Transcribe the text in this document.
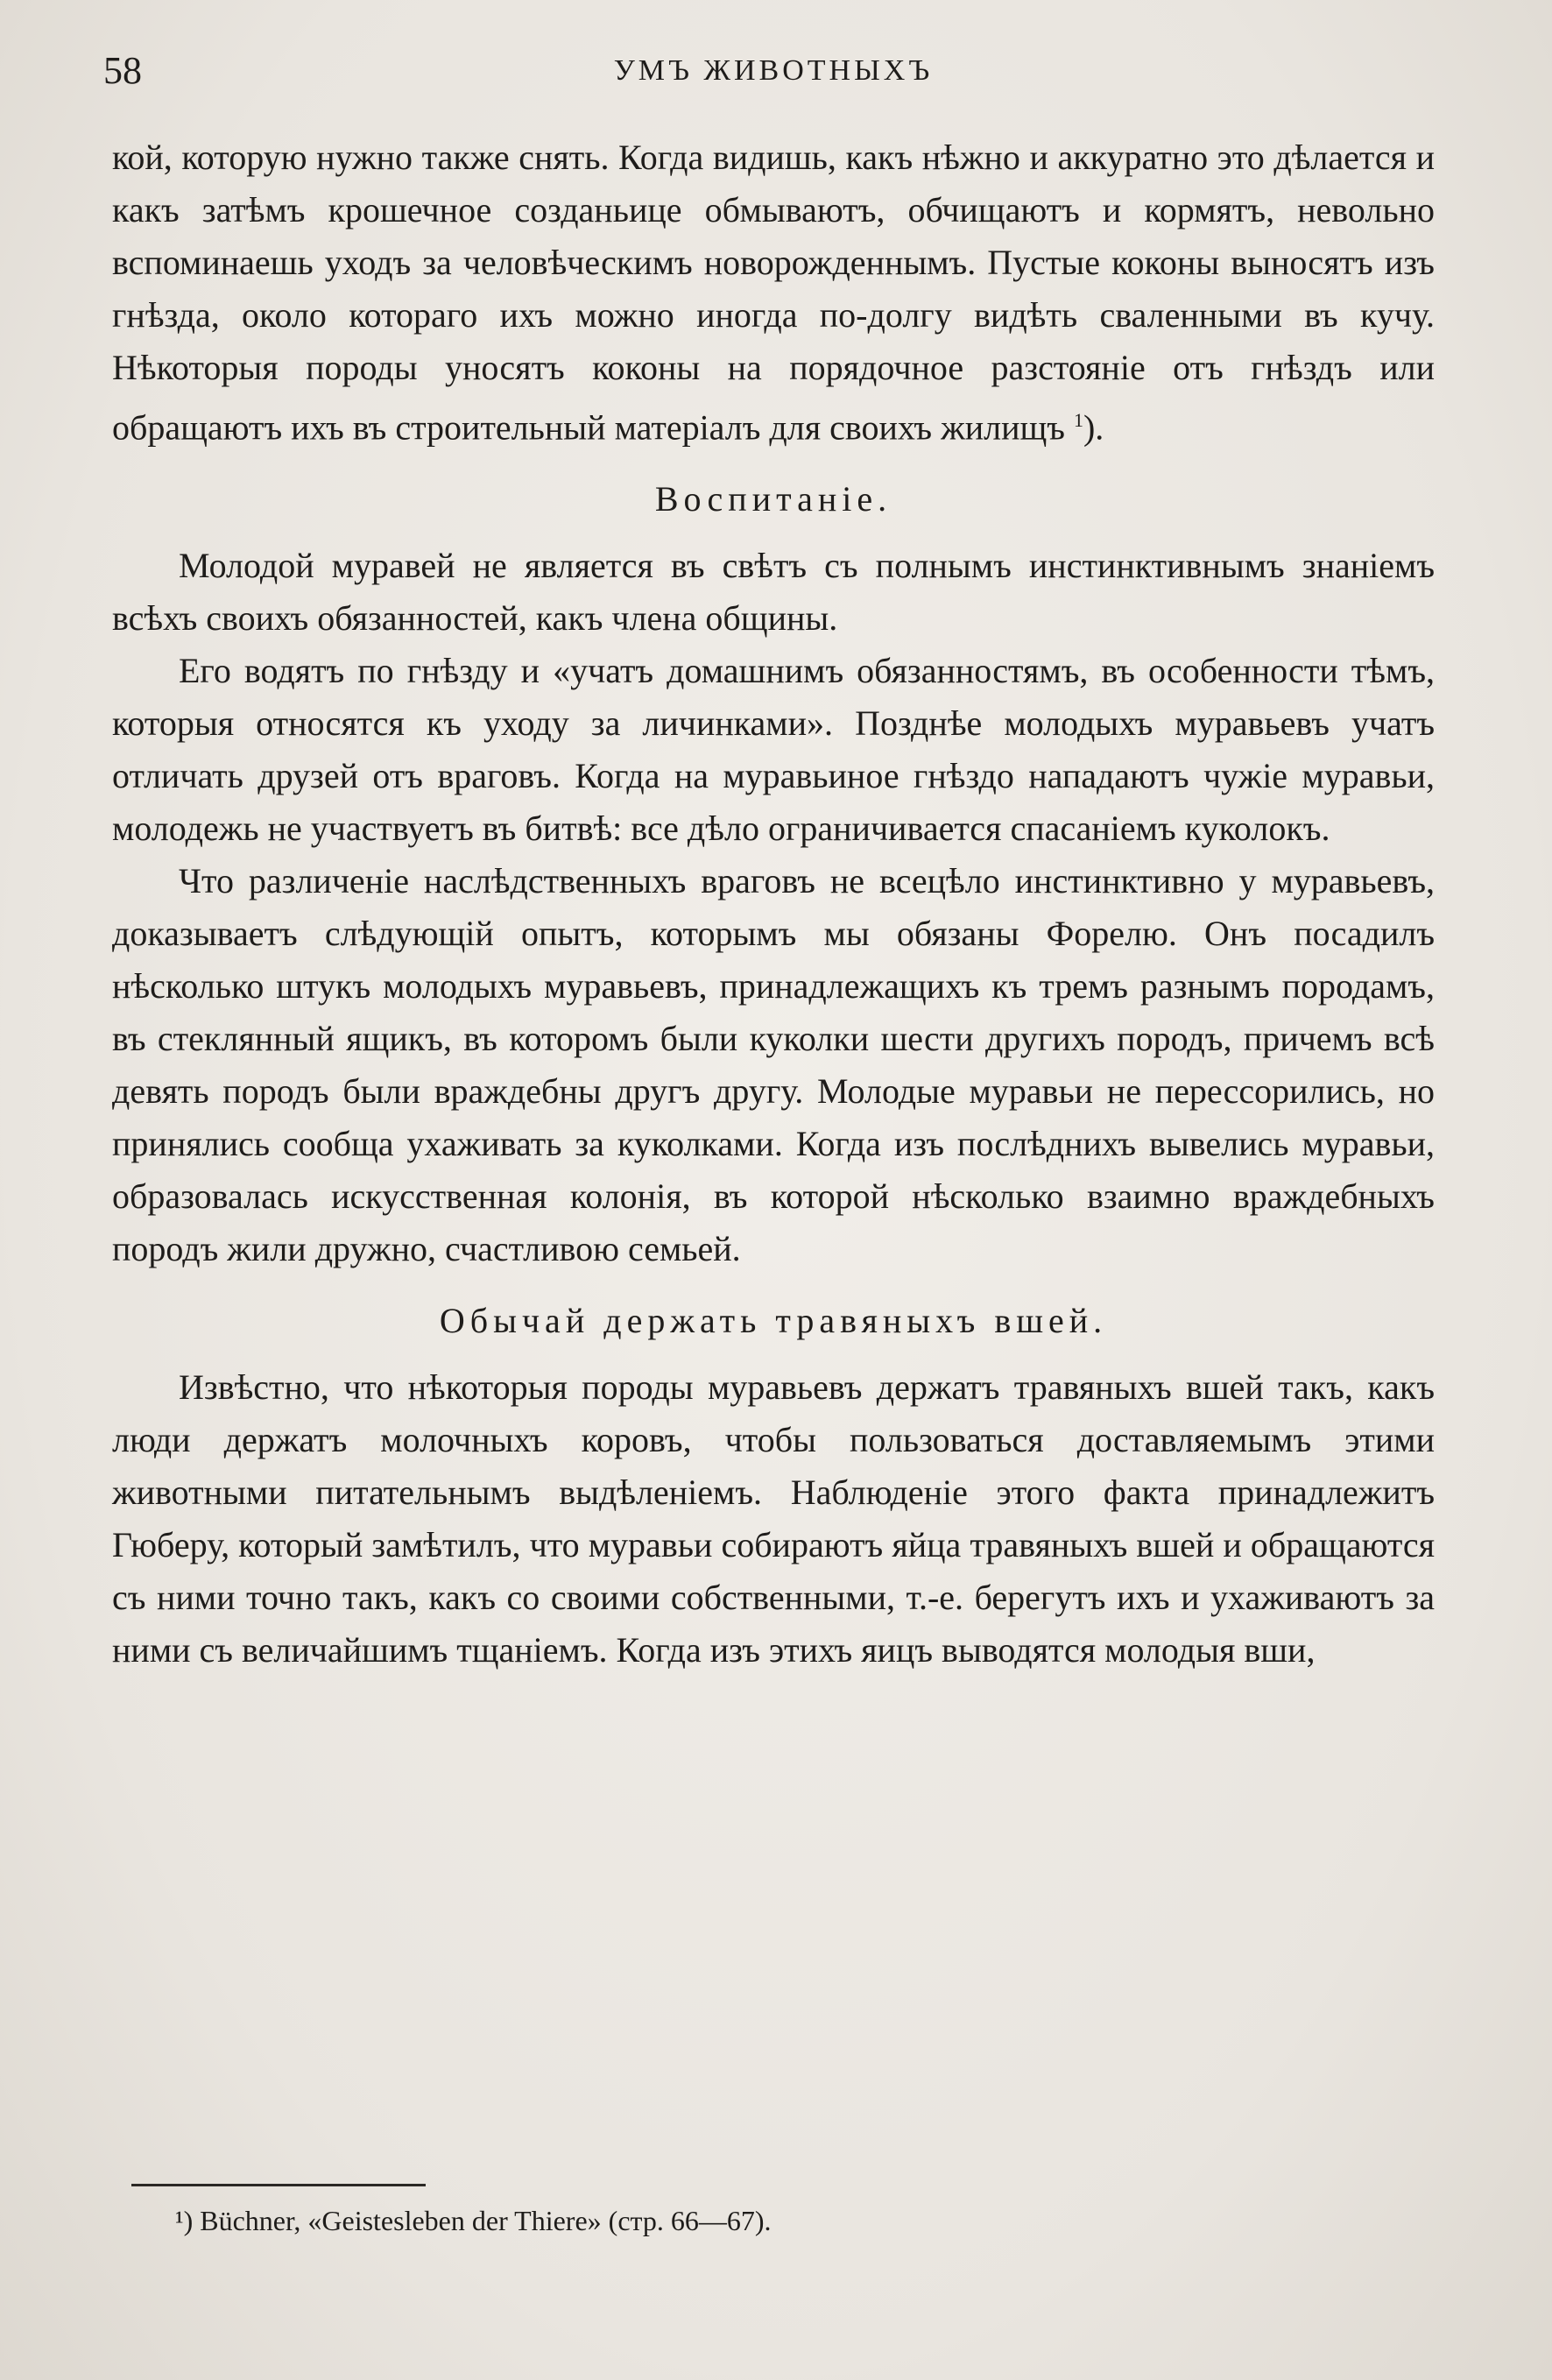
58	УМЪ ЖИВОТНЫХЪ

кой, которую нужно также снять. Когда видишь, какъ нѣжно и аккуратно это дѣлается и какъ затѣмъ крошечное созданьице обмываютъ, обчищаютъ и кормятъ, невольно вспоминаешь уходъ за человѣческимъ новорожденнымъ. Пустые коконы выносятъ изъ гнѣзда, около котораго ихъ можно иногда по-долгу видѣть сваленными въ кучу. Нѣкоторыя породы уносятъ коконы на порядочное разстояніе отъ гнѣздъ или обращаютъ ихъ въ строительный матеріалъ для своихъ жилищъ $^1$).

Воспитаніе.

Молодой муравей не является въ свѣтъ съ полнымъ инстинктивнымъ знаніемъ всѣхъ своихъ обязанностей, какъ члена общины.

Его водятъ по гнѣзду и «учатъ домашнимъ обязанностямъ, въ особенности тѣмъ, которыя относятся къ уходу за личинками». Позднѣе молодыхъ муравьевъ учатъ отличать друзей отъ враговъ. Когда на муравьиное гнѣздо нападаютъ чужіе муравьи, молодежь не участвуетъ въ битвѣ: все дѣло ограничивается спасаніемъ куколокъ.

Что различеніе наслѣдственныхъ враговъ не всецѣло инстинктивно у муравьевъ, доказываетъ слѣдующій опытъ, которымъ мы обязаны Форелю. Онъ посадилъ нѣсколько штукъ молодыхъ муравьевъ, принадлежащихъ къ тремъ разнымъ породамъ, въ стеклянный ящикъ, въ которомъ были куколки шести другихъ породъ, причемъ всѣ девять породъ были враждебны другъ другу. Молодые муравьи не перессорились, но принялись сообща ухаживать за куколками. Когда изъ послѣднихъ вывелись муравьи, образовалась искусственная колонія, въ которой нѣсколько взаимно враждебныхъ породъ жили дружно, счастливою семьей.

Обычай держать травяныхъ вшей.

Извѣстно, что нѣкоторыя породы муравьевъ держатъ травяныхъ вшей такъ, какъ люди держатъ молочныхъ коровъ, чтобы пользоваться доставляемымъ этими животными питательнымъ выдѣленіемъ. Наблюденіе этого факта принадлежитъ Гюберу, который замѣтилъ, что муравьи собираютъ яйца травяныхъ вшей и обращаются съ ними точно такъ, какъ со своими собственными, т.-е. берегутъ ихъ и ухаживаютъ за ними съ величайшимъ тщаніемъ. Когда изъ этихъ яицъ выводятся молодыя вши,

¹) Büchner, «Geistesleben der Thiere» (стр. 66—67).
